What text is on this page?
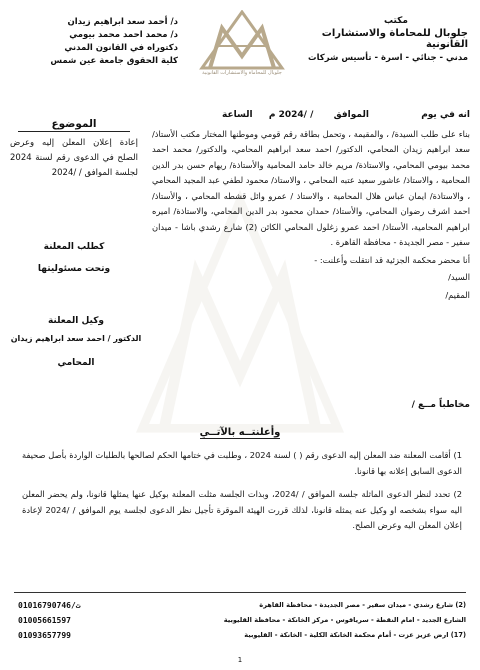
مكتب
جلوبال للمحاماة والاستشارات القانونية
مدني - جنائي - اسرة - تأسيس شركات
جلوبال للمحاماة والاستشارات القانونية
د/ أحمد سعد ابراهيم زيدان
د/ محمد احمد محمد بيومي
دكتوراه في القانون المدني
كلية الحقوق جامعة عين شمس
الموضوع
إعادة إعلان المعلن إليه وعرض الصلح في الدعوى رقم لسنة 2024 لجلسة الموافق / /2024
كطلب المعلنة
وتحت مسئوليتها
وكيل المعلنة
الدكتور / احمد سعد ابراهيم زيدان
المحامي
انه في يوم  الموافق  / /2024 م  الساعة
بناء على طلب السيدة/ ، والمقيمة ، وتحمل بطاقة رقم قومي وموطنها المختار مكتب الأستاذ/ سعد ابراهيم زيدان المحامي، الدكتور/ احمد سعد ابراهيم المحامي، والدكتور/ محمد احمد محمد بيومي المحامي، والاستاذة/ مريم خالد حامد المحامية والأستاذة/ ريهام حسن بدر الدين المحامية ، والاستاذ/ عاشور سعيد عتبه المحامي ، والاستاذ/ محمود لطفي عبد المجيد المحامي ، والاستاذة/ ايمان عباس هلال المحامية ، والاستاذ / عمرو وائل قشطه المحامي ، والأستاذ/ احمد اشرف رضوان المحامي، والأستاذ/ حمدان محمود بدر الدين المحامي، والاستاذة/ اميره ابراهيم المحامية، الأستاذ/ احمد عمرو زغلول المحامي الكائن (2) شارع رشدي باشا - ميدان سفير - مصر الجديدة - محافظة القاهرة .
أنا محضر محكمة الجزئية قد انتقلت وأعلنت: -
السيد/
المقيم/
مخاطباً مــع /
وأعلنتــه بالآتــي

1) أقامت المعلنة ضد المعلن إليه الدعوى رقم ( ) لسنة 2024 ، وطلبت في ختامها الحكم لصالحها بالطلبات الواردة بأصل صحيفة الدعوى السابق إعلانه بها قانونا.

2) تحدد لنظر الدعوى الماثلة جلسة الموافق / /2024، وبذات الجلسة مثلت المعلنة بوكيل عنها يمثلها قانونا، ولم يحضر المعلن اليه سواء بشخصه او وكيل عنه يمثله قانونا، لذلك قررت الهيئة الموقرة تأجيل نظر الدعوى لجلسة يوم الموافق / /2024 لإعادة إعلان المعلن اليه وعرض الصلح.

(2) شارع رشدي - ميدان سفير - مصر الجديدة - محافظة القاهرة
الشارع الجديد - امام النقطة - سرياقوس - مركز الخانكة - محافظة القليوبية
(17) ارض عزيز عزت - أمام محكمة الخانكة الكلية - الخانكة - القليوبية
ت/01016790746
01005661597
01093657799
1
